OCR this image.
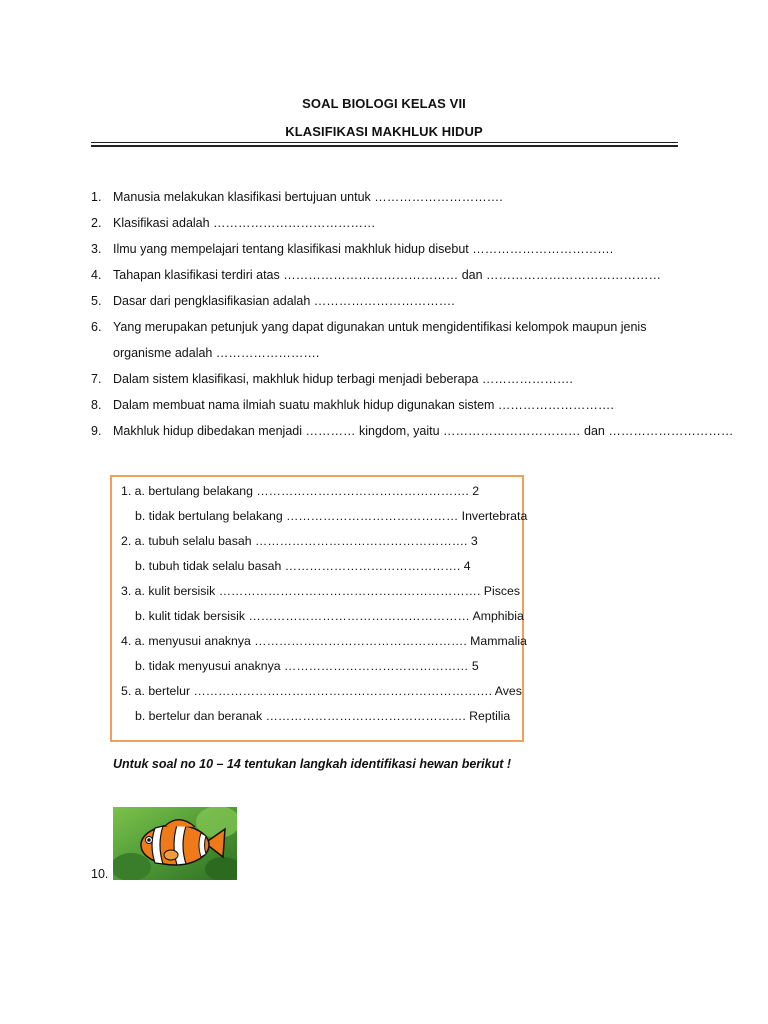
SOAL BIOLOGI KELAS VII
KLASIFIKASI MAKHLUK HIDUP
1. Manusia melakukan klasifikasi bertujuan untuk ………………………….
2. Klasifikasi adalah …………………………………
3. Ilmu yang mempelajari tentang klasifikasi makhluk hidup disebut …………………………….
4. Tahapan klasifikasi terdiri atas …………………………………… dan ……………………………………
5. Dasar dari pengklasifikasian adalah …………………………….
6. Yang merupakan petunjuk yang dapat digunakan untuk mengidentifikasi kelompok maupun jenis organisme adalah …………………….
7. Dalam sistem klasifikasi, makhluk hidup terbagi menjadi beberapa ………………….
8. Dalam membuat nama ilmiah suatu makhluk hidup digunakan sistem ……………………….
9. Makhluk hidup dibedakan menjadi ………… kingdom, yaitu …………………………… dan …………………………
1. a. bertulang belakang ……………………………………………. 2
b. tidak bertulang belakang …………………………………… Invertebrata
2. a. tubuh selalu basah ……………………………………………. 3
b. tubuh tidak selalu basah ……………………………………. 4
3. a. kulit bersisik ………………………………………………………. Pisces
b. kulit tidak bersisik ……………………………………………… Amphibia
4. a. menyusui anaknya ……………………………………………. Mammalia
b. tidak menyusui anaknya ……………………………………… 5
5. a. bertelur ………………………………………………………………. Aves
b. bertelur dan beranak …………………………………………. Reptilia
Untuk soal no 10 – 14 tentukan langkah identifikasi hewan berikut !
10.
